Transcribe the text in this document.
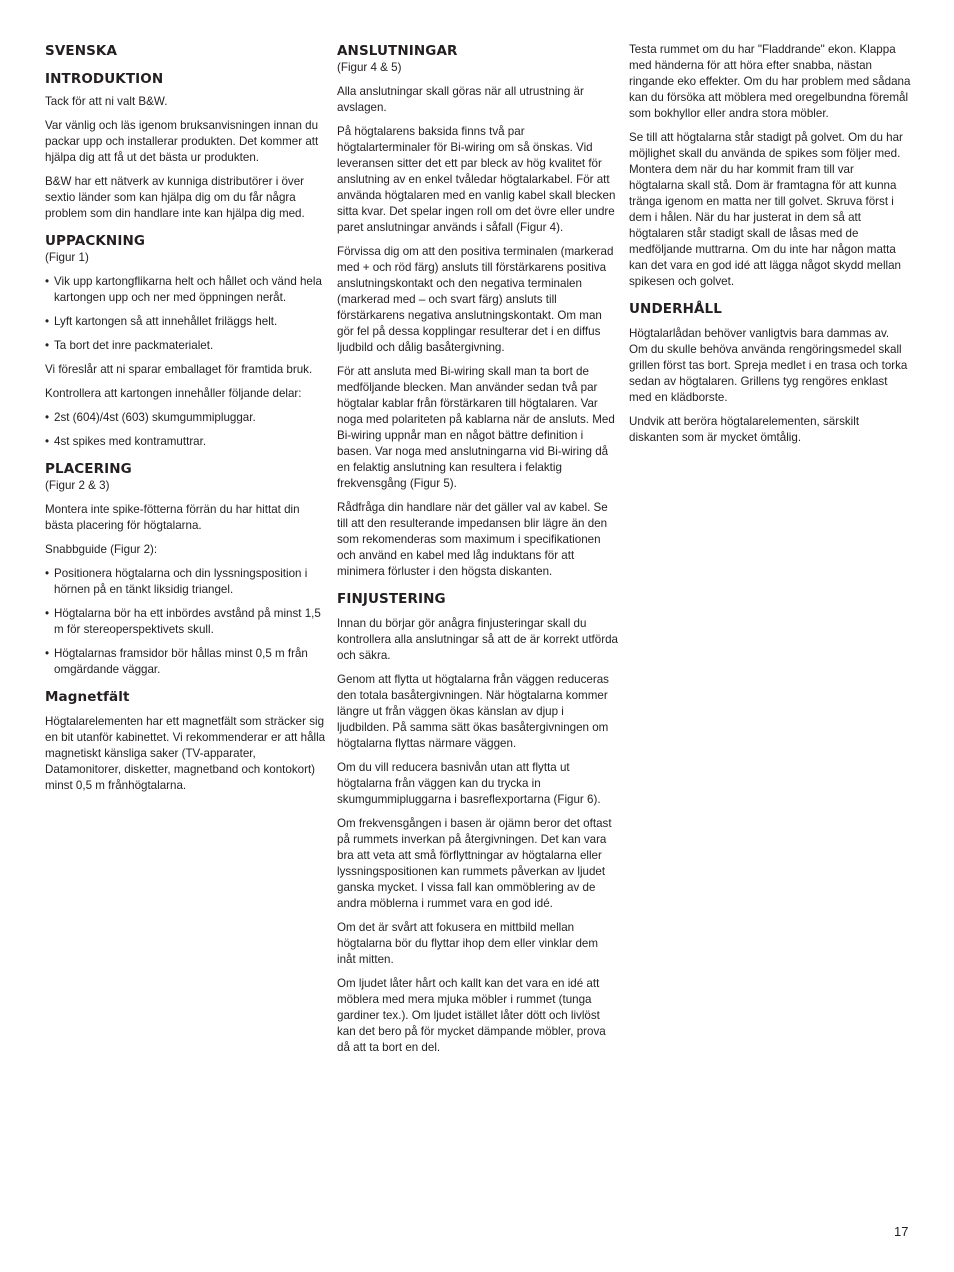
SVENSKA
INTRODUKTION

Tack för att ni valt B&W.

Var vänlig och läs igenom bruksanvisningen innan du packar upp och installerar produkten. Det kommer att hjälpa dig att få ut det bästa ur produkten.

B&W har ett nätverk av kunniga distributörer i över sextio länder som kan hjälpa dig om du får några problem som din handlare inte kan hjälpa dig med.

UPPACKNING
(Figur 1)
• Vik upp kartongflikarna helt och hållet och vänd hela kartongen upp och ner med öppningen neråt.
• Lyft kartongen så att innehållet friläggs helt.
• Ta bort det inre packmaterialet.

Vi föreslår att ni sparar emballaget för framtida bruk.

Kontrollera att kartongen innehåller följande delar:

• 2st (604)/4st (603) skumgummipluggar.
• 4st spikes med kontramuttrar.
PLACERING
(Figur 2 & 3)

Montera inte spike-fötterna förrän du har hittat din bästa placering för högtalarna.

Snabbguide (Figur 2):

• Positionera högtalarna och din lyssningsposition i hörnen på en tänkt liksidig triangel.
• Högtalarna bör ha ett inbördes avstånd på minst 1,5 m för stereoperspektivets skull.
• Högtalarnas framsidor bör hållas minst 0,5 m från omgärdande väggar.
Magnetfält

Högtalarelementen har ett magnetfält som sträcker sig en bit utanför kabinettet. Vi rekommenderar er att hålla magnetiskt känsliga saker (TV-apparater, Datamonitorer, disketter, magnetband och kontokort) minst 0,5 m frånhögtalarna.

ANSLUTNINGAR
(Figur 4 & 5)

Alla anslutningar skall göras när all utrustning är avslagen.

På högtalarens baksida finns två par högtalarterminaler för Bi-wiring om så önskas. Vid leveransen sitter det ett par bleck av hög kvalitet för anslutning av en enkel tvåledar högtalarkabel. För att använda högtalaren med en vanlig kabel skall blecken sitta kvar. Det spelar ingen roll om det övre eller undre paret anslutningar används i såfall (Figur 4).

Förvissa dig om att den positiva terminalen (markerad med + och röd färg) ansluts till förstärkarens positiva anslutningskontakt och den negativa terminalen (markerad med – och svart färg) ansluts till förstärkarens negativa anslutningskontakt. Om man gör fel på dessa kopplingar resulterar det i en diffus ljudbild och dålig basåtergivning.

För att ansluta med Bi-wiring skall man ta bort de medföljande blecken. Man använder sedan två par högtalar kablar från förstärkaren till högtalaren. Var noga med polariteten på kablarna när de ansluts. Med Bi-wiring uppnår man en något bättre definition i basen. Var noga med anslutningarna vid Bi-wiring då en felaktig anslutning kan resultera i felaktig frekvensgång (Figur 5).

Rådfråga din handlare när det gäller val av kabel. Se till att den resulterande impedansen blir lägre än den som rekomenderas som maximum i specifikationen och använd en kabel med låg induktans för att minimera förluster i den högsta diskanten.

FINJUSTERING

Innan du börjar gör anågra finjusteringar skall du kontrollera alla anslutningar så att de är korrekt utförda och säkra.

Genom att flytta ut högtalarna från väggen reduceras den totala basåtergivningen. När högtalarna kommer längre ut från väggen ökas känslan av djup i ljudbilden. På samma sätt ökas basåtergivningen om högtalarna flyttas närmare väggen.

Om du vill reducera basnivån utan att flytta ut högtalarna från väggen kan du trycka in skumgummipluggarna i basreflexportarna (Figur 6).

Om frekvensgången i basen är ojämn beror det oftast på rummets inverkan på återgivningen. Det kan vara bra att veta att små förflyttningar av högtalarna eller lyssningspositionen kan rummets påverkan av ljudet ganska mycket. I vissa fall kan ommöblering av de andra möblerna i rummet vara en god idé.

Om det är svårt att fokusera en mittbild mellan högtalarna bör du flyttar ihop dem eller vinklar dem inåt mitten.

Om ljudet låter hårt och kallt kan det vara en idé att möblera med mera mjuka möbler i rummet (tunga gardiner tex.). Om ljudet istället låter dött och livlöst kan det bero på för mycket dämpande möbler, prova då att ta bort en del.

Testa rummet om du har "Fladdrande" ekon. Klappa med händerna för att höra efter snabba, nästan ringande eko effekter. Om du har problem med sådana kan du försöka att möblera med oregelbundna föremål som bokhyllor eller andra stora möbler.

Se till att högtalarna står stadigt på golvet. Om du har möjlighet skall du använda de spikes som följer med. Montera dem när du har kommit fram till var högtalarna skall stå. Dom är framtagna för att kunna tränga igenom en matta ner till golvet. Skruva först i dem i hålen. När du har justerat in dem så att högtalaren står stadigt skall de låsas med de medföljande muttrarna. Om du inte har någon matta kan det vara en god idé att lägga något skydd mellan spikesen och golvet.

UNDERHÅLL

Högtalarlådan behöver vanligtvis bara dammas av. Om du skulle behöva använda rengöringsmedel skall grillen först tas bort. Spreja medlet i en trasa och torka sedan av högtalaren. Grillens tyg rengöres enklast med en klädborste.

Undvik att beröra högtalarelementen, särskilt diskanten som är mycket ömtålig.

17
